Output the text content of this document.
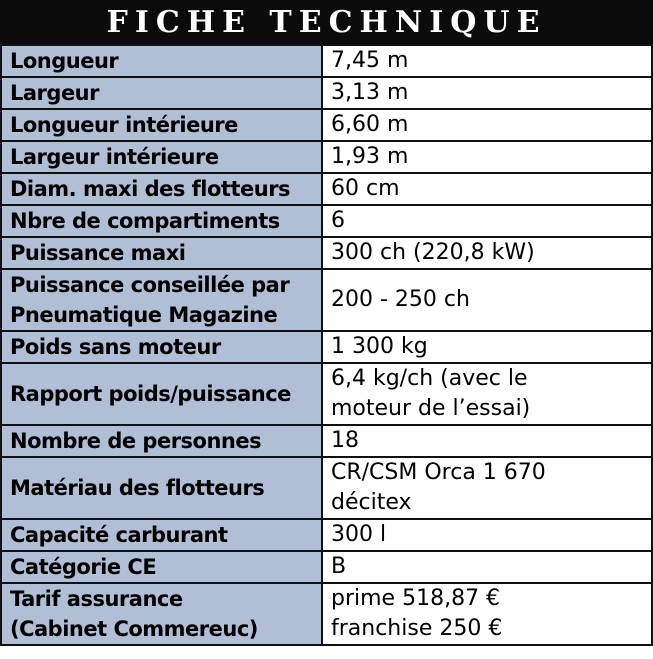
FICHE TECHNIQUE
Longueur	7,45 m

Largeur	3,13 m

Longueur intérieure	6,60 m

Largeur intérieure	1,93 m

Diam. maxi des flotteurs	60 cm

Nbre de compartiments	6

Puissance maxi	300 ch (220,8 kW)

Puissance conseillée par
Pneumatique Magazine	200 - 250 ch

Poids sans moteur	1 300 kg

Rapport poids/puissance	6,4 kg/ch (avec le
moteur de l’essai)

Nombre de personnes	18

Matériau des flotteurs	CR/CSM Orca 1 670
décitex

Capacité carburant	300 l

Catégorie CE	B

Tarif assurance
(Cabinet Commereuc)	prime 518,87 €
franchise 250 €
